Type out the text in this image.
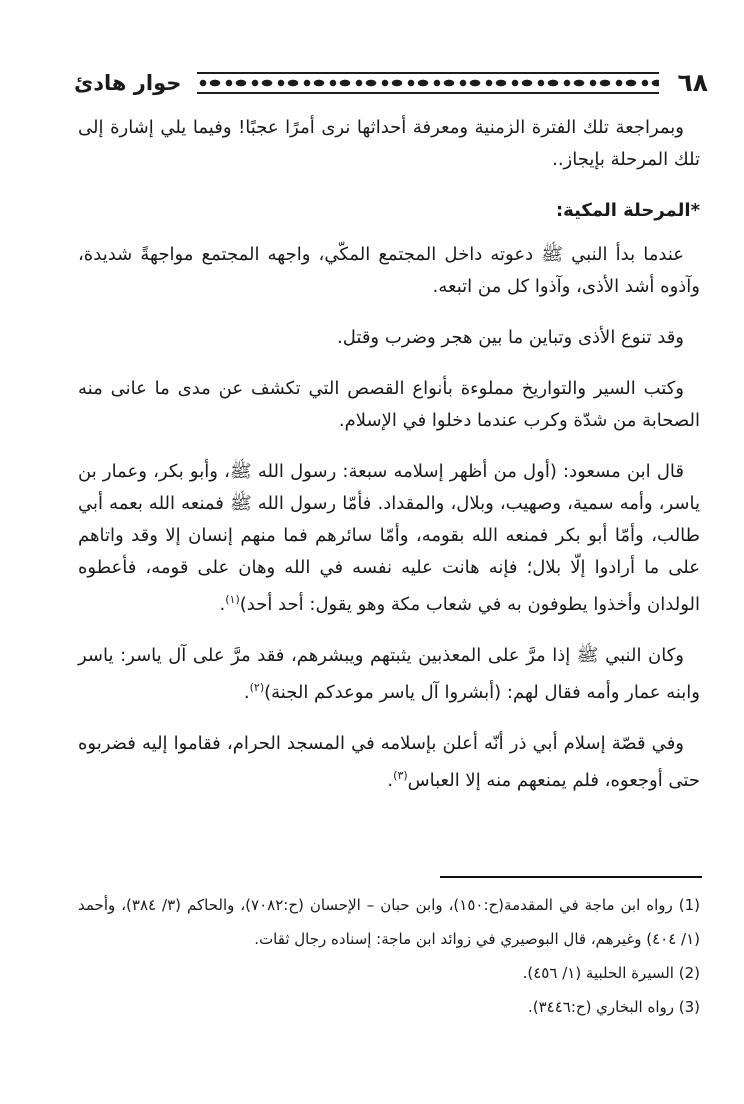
٦٨
حوار هادئ

وبمراجعة تلك الفترة الزمنية ومعرفة أحداثها نرى أمرًا عجبًا! وفيما يلي إشارة إلى تلك المرحلة بإيجاز..

*المرحلة المكية:

عندما بدأ النبي ﷺ دعوته داخل المجتمع المكّي، واجهه المجتمع مواجهةً شديدة، وآذوه أشد الأذى، وآذوا كل من اتبعه.

وقد تنوع الأذى وتباين ما بين هجر وضرب وقتل.

وكتب السير والتواريخ مملوءة بأنواع القصص التي تكشف عن مدى ما عانى منه الصحابة من شدّة وكرب عندما دخلوا في الإسلام.

قال ابن مسعود: (أول من أظهر إسلامه سبعة: رسول الله ﷺ، وأبو بكر، وعمار بن ياسر، وأمه سمية، وصهيب، وبلال، والمقداد. فأمّا رسول الله ﷺ فمنعه الله بعمه أبي طالب، وأمّا أبو بكر فمنعه الله بقومه، وأمّا سائرهم فما منهم إنسان إلا وقد واتاهم على ما أرادوا إلّا بلال؛ فإنه هانت عليه نفسه في الله وهان على قومه، فأعطوه الولدان وأخذوا يطوفون به في شعاب مكة وهو يقول: أحد أحد)$^{(١)}$.

وكان النبي ﷺ إذا مرَّ على المعذبين يثبتهم ويبشرهم، فقد مرَّ على آل ياسر: ياسر وابنه عمار وأمه فقال لهم: (أبشروا آل ياسر موعدكم الجنة)$^{(٢)}$.

وفي قصّة إسلام أبي ذر أنّه أعلن بإسلامه في المسجد الحرام، فقاموا إليه فضربوه حتى أوجعوه، فلم يمنعهم منه إلا العباس$^{(٣)}$.

(1) رواه ابن ماجة في المقدمة(ح:١٥٠)، وابن حبان – الإحسان (ح:٧٠٨٢)، والحاكم (٣/ ٣٨٤)، وأحمد (١/ ٤٠٤) وغيرهم، قال البوصيري في زوائد ابن ماجة: إسناده رجال ثقات.

(2) السيرة الحلبية (١/ ٤٥٦).

(3) رواه البخاري (ح:٣٤٤٦).
